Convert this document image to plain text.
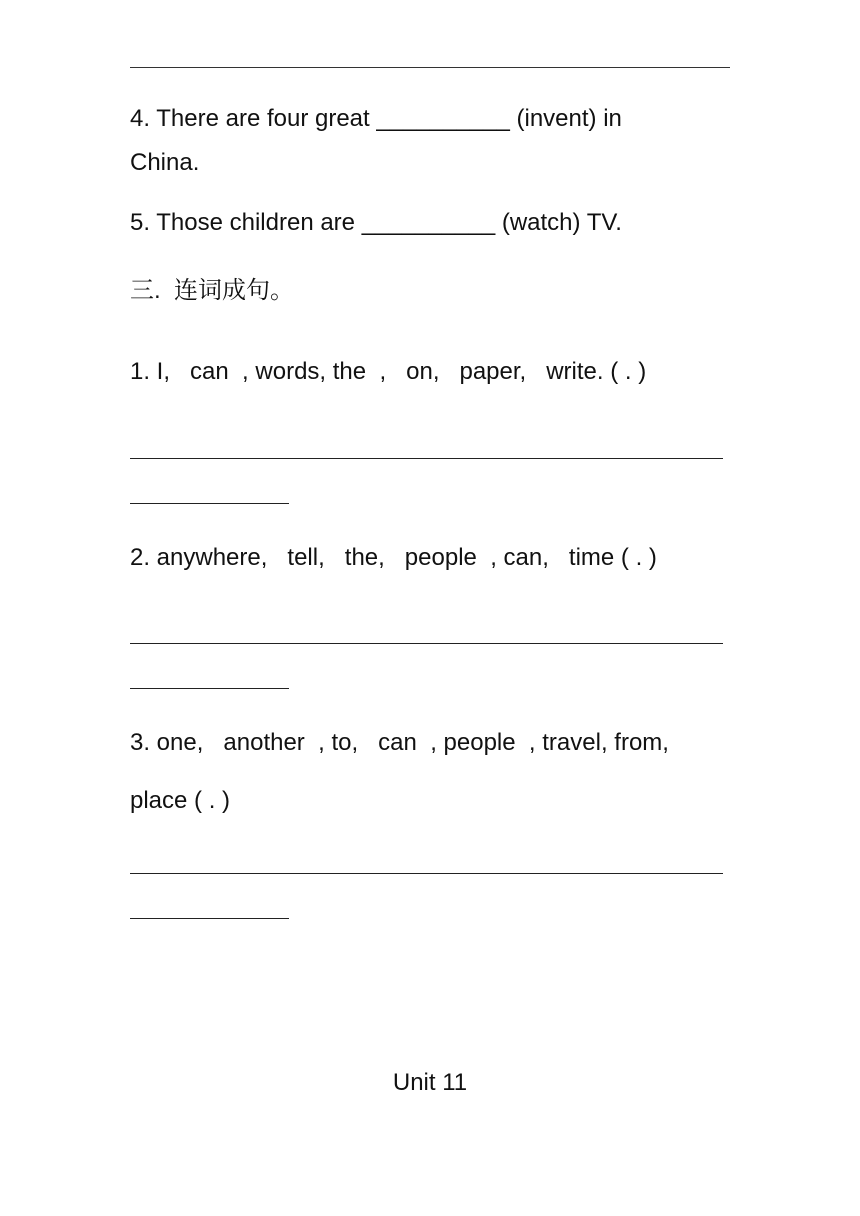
4. There are four great __________ (invent) in
China.
5. Those children are __________ (watch) TV.
三.  连词成句。
1. I,   can  , words, the  ,   on,   paper,   write. ( . )
2. anywhere,   tell,   the,   people  , can,   time ( . )
3. one,   another  , to,   can  , people  , travel, from,
place ( . )
Unit 11
